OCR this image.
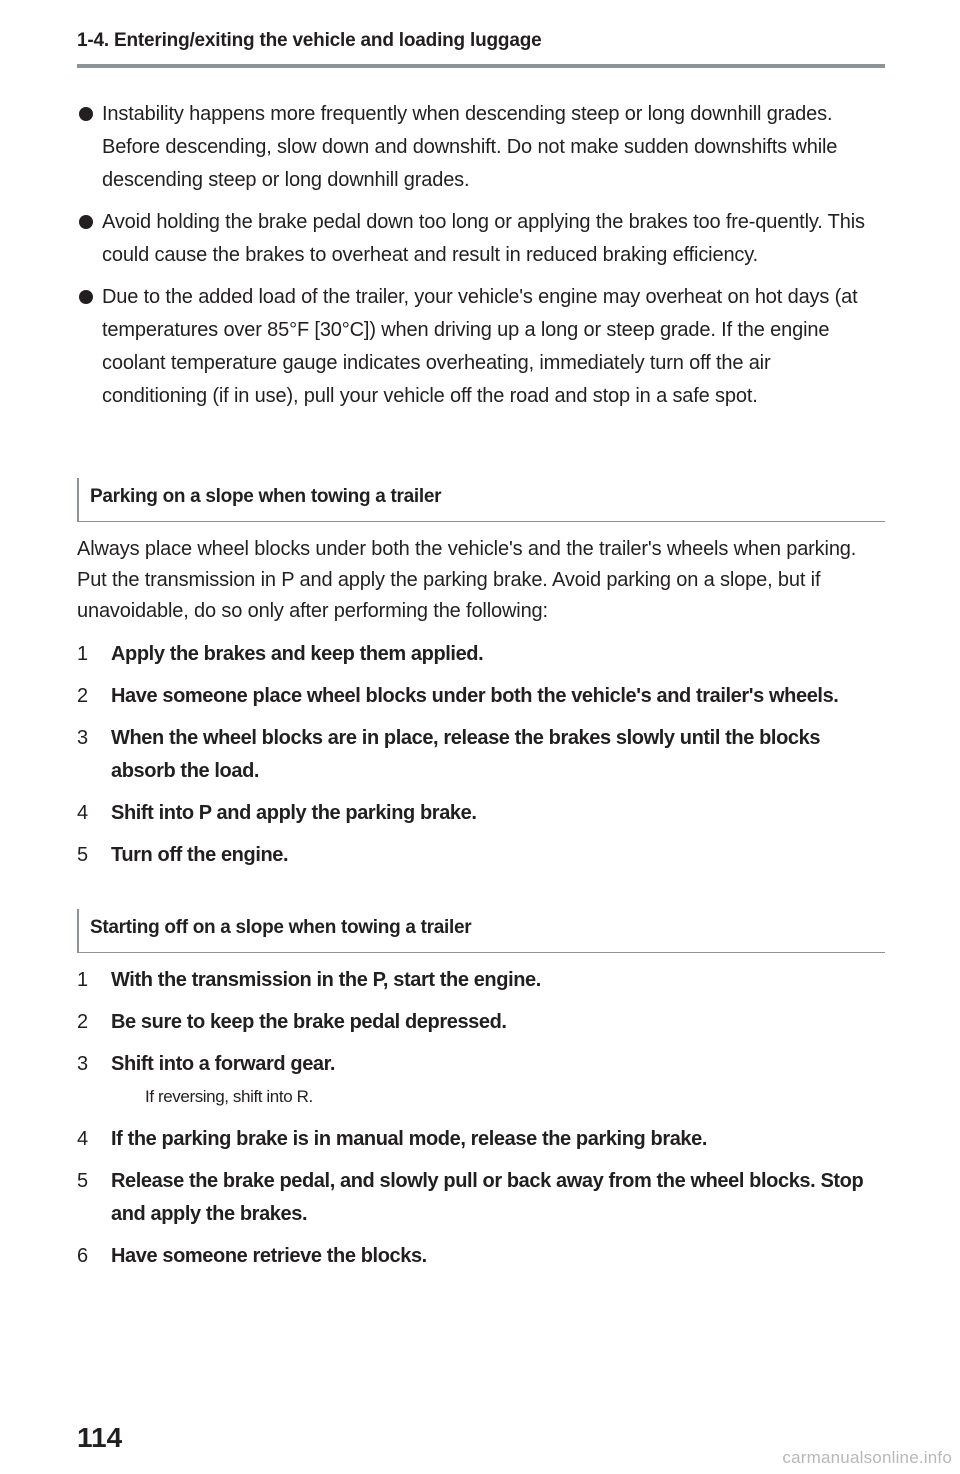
1-4. Entering/exiting the vehicle and loading luggage
Instability happens more frequently when descending steep or long downhill grades. Before descending, slow down and downshift. Do not make sudden downshifts while descending steep or long downhill grades.
Avoid holding the brake pedal down too long or applying the brakes too fre-quently. This could cause the brakes to overheat and result in reduced braking efficiency.
Due to the added load of the trailer, your vehicle's engine may overheat on hot days (at temperatures over 85°F [30°C]) when driving up a long or steep grade. If the engine coolant temperature gauge indicates overheating, immediately turn off the air conditioning (if in use), pull your vehicle off the road and stop in a safe spot.
Parking on a slope when towing a trailer
Always place wheel blocks under both the vehicle's and the trailer's wheels when parking. Put the transmission in P and apply the parking brake. Avoid parking on a slope, but if unavoidable, do so only after performing the following:
1 Apply the brakes and keep them applied.
2 Have someone place wheel blocks under both the vehicle's and trailer's wheels.
3 When the wheel blocks are in place, release the brakes slowly until the blocks absorb the load.
4 Shift into P and apply the parking brake.
5 Turn off the engine.
Starting off on a slope when towing a trailer
1 With the transmission in the P, start the engine.
2 Be sure to keep the brake pedal depressed.
3 Shift into a forward gear.
If reversing, shift into R.
4 If the parking brake is in manual mode, release the parking brake.
5 Release the brake pedal, and slowly pull or back away from the wheel blocks. Stop and apply the brakes.
6 Have someone retrieve the blocks.
114
carmanualsonline.info
